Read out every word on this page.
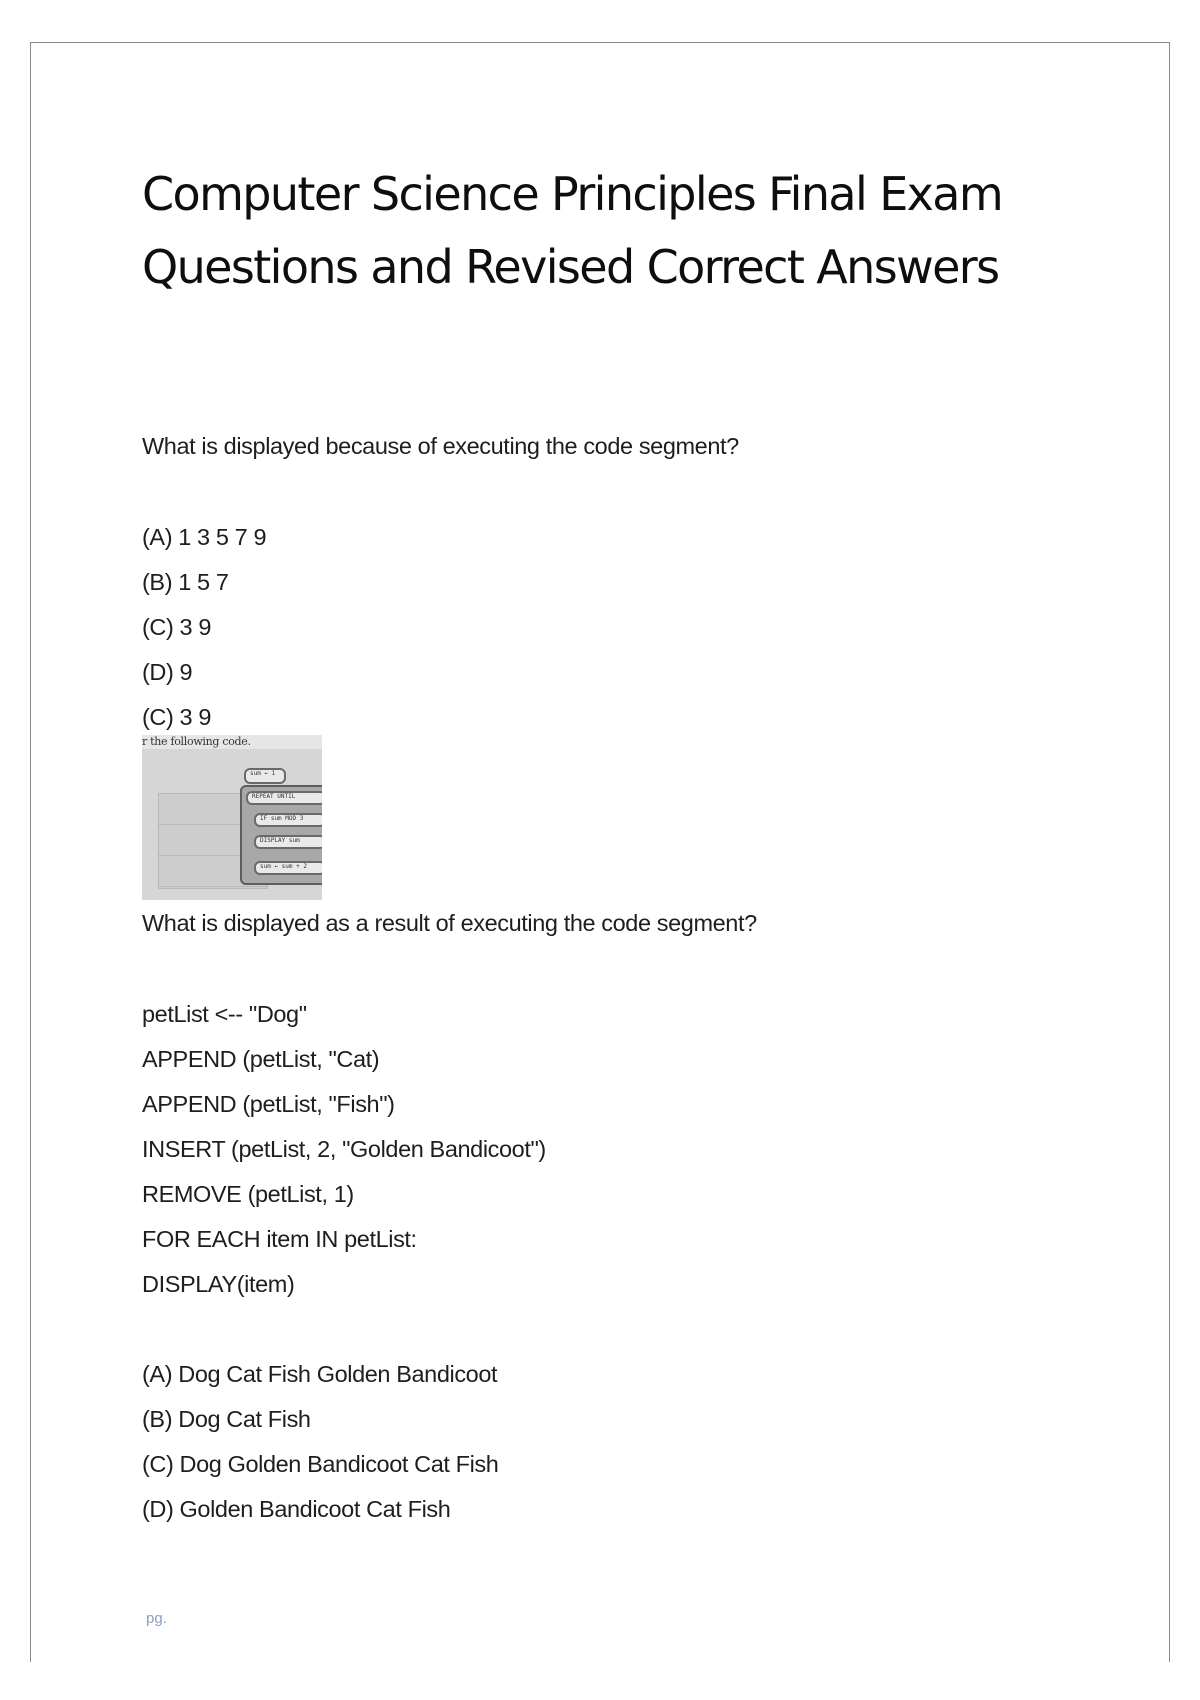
Computer Science Principles Final Exam
Questions and Revised Correct Answers
What is displayed because of executing the code segment?
(A) 1 3 5 7 9
(B) 1 5 7
(C) 3 9
(D) 9
(C) 3 9
r the following code.
sum ← 1
REPEAT UNTIL
IF sum MOD 3
DISPLAY sum
sum ← sum + 2
What is displayed as a result of executing the code segment?
petList <-- "Dog"
APPEND (petList, "Cat)
APPEND (petList, "Fish")
INSERT (petList, 2, "Golden Bandicoot")
REMOVE (petList, 1)
FOR EACH item IN petList:
DISPLAY(item)
(A) Dog Cat Fish Golden Bandicoot
(B) Dog Cat Fish
(C) Dog Golden Bandicoot Cat Fish
(D) Golden Bandicoot Cat Fish
pg.
